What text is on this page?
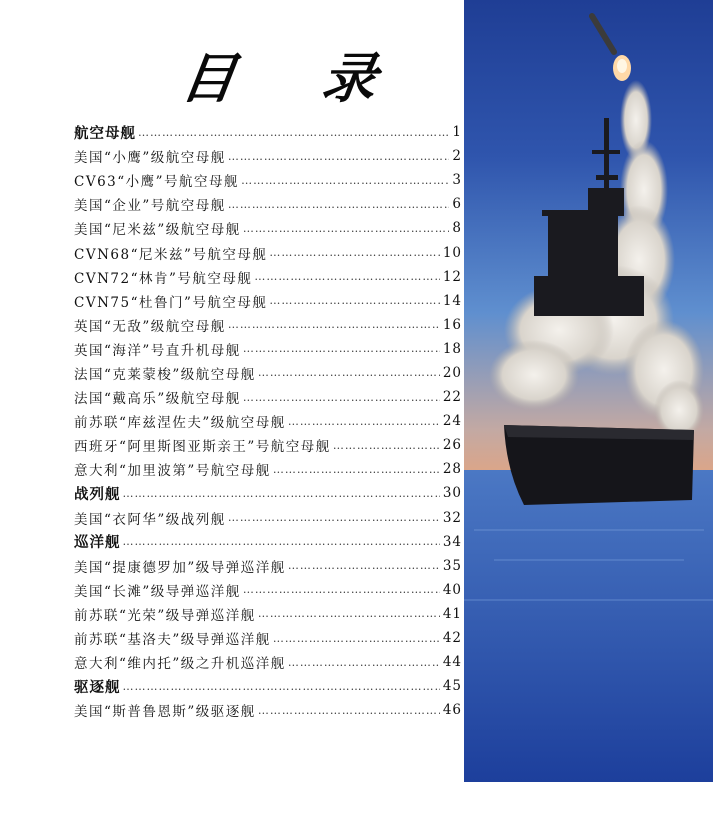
目 录
航空母舰 ……………………………………………………………………………………………………	1
美国“小鹰”级航空母舰 ……………………………………………………………………………………………………	2
CV63“小鹰”号航空母舰 ……………………………………………………………………………………………………	3
美国“企业”号航空母舰 ……………………………………………………………………………………………………	6
美国“尼米兹”级航空母舰 ……………………………………………………………………………………………………	8
CVN68“尼米兹”号航空母舰 ……………………………………………………………………………………………………	10
CVN72“林肯”号航空母舰 ……………………………………………………………………………………………………	12
CVN75“杜鲁门”号航空母舰 ……………………………………………………………………………………………………	14
英国“无敌”级航空母舰 ……………………………………………………………………………………………………	16
英国“海洋”号直升机母舰 ……………………………………………………………………………………………………	18
法国“克莱蒙梭”级航空母舰 ……………………………………………………………………………………………………	20
法国“戴高乐”级航空母舰 ……………………………………………………………………………………………………	22
前苏联“库兹涅佐夫”级航空母舰 ……………………………………………………………………………………………………	24
西班牙“阿里斯图亚斯亲王”号航空母舰 ……………………………………………………………………………………………………	26
意大利“加里波第”号航空母舰 ……………………………………………………………………………………………………	28
战列舰 ……………………………………………………………………………………………………	30
美国“衣阿华”级战列舰 ……………………………………………………………………………………………………	32
巡洋舰 ……………………………………………………………………………………………………	34
美国“提康德罗加”级导弹巡洋舰 ……………………………………………………………………………………………………	35
美国“长滩”级导弹巡洋舰 ……………………………………………………………………………………………………	40
前苏联“光荣”级导弹巡洋舰 ……………………………………………………………………………………………………	41
前苏联“基洛夫”级导弹巡洋舰 ……………………………………………………………………………………………………	42
意大利“维内托”级之升机巡洋舰 ……………………………………………………………………………………………………	44
驱逐舰 ……………………………………………………………………………………………………	45
美国“斯普鲁恩斯”级驱逐舰 ……………………………………………………………………………………………………	46
